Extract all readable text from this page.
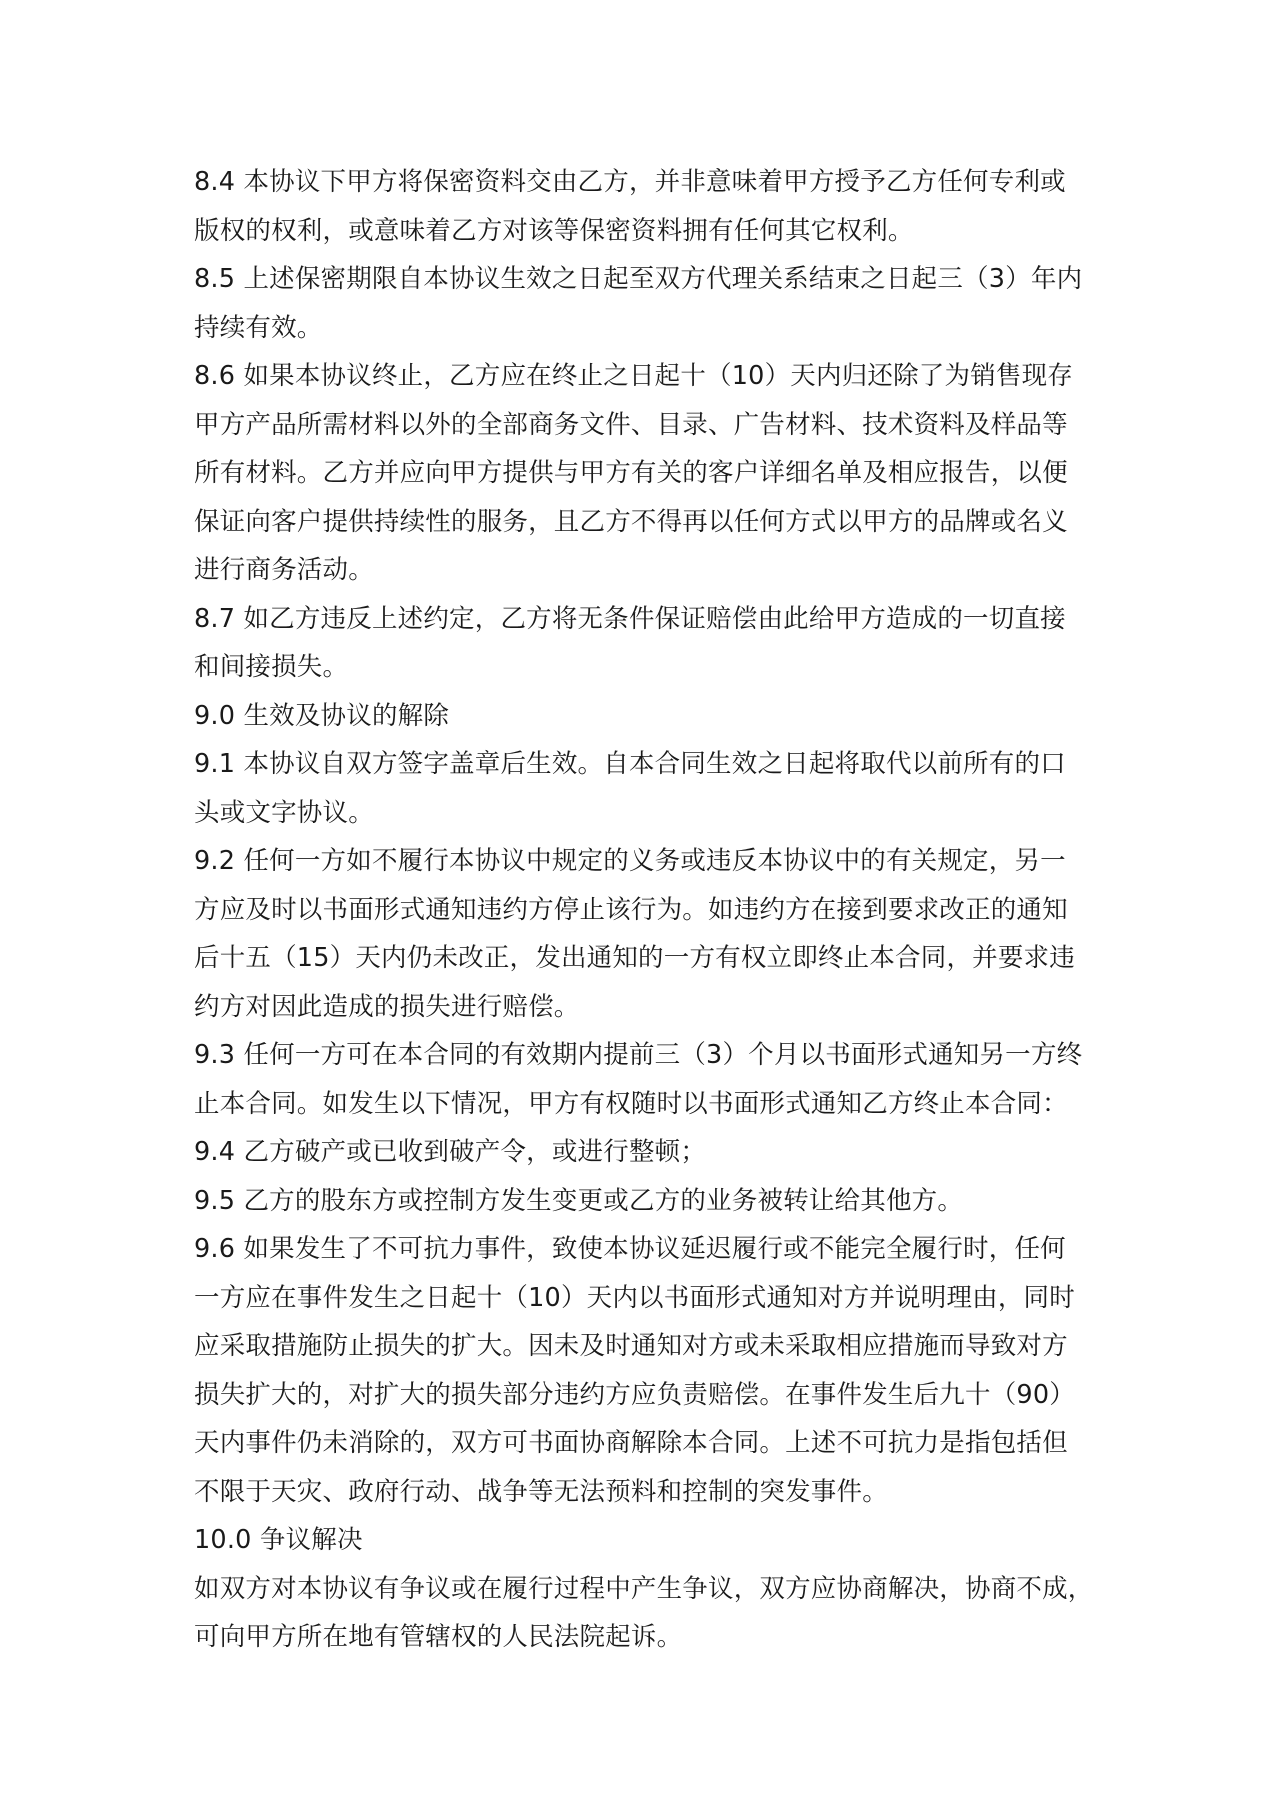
8.4 本协议下甲方将保密资料交由乙方，并非意味着甲方授予乙方任何专利或
版权的权利，或意味着乙方对该等保密资料拥有任何其它权利。
8.5 上述保密期限自本协议生效之日起至双方代理关系结束之日起三（3）年内
持续有效。
8.6 如果本协议终止，乙方应在终止之日起十（10）天内归还除了为销售现存
甲方产品所需材料以外的全部商务文件、目录、广告材料、技术资料及样品等
所有材料。乙方并应向甲方提供与甲方有关的客户详细名单及相应报告，以便
保证向客户提供持续性的服务，且乙方不得再以任何方式以甲方的品牌或名义
进行商务活动。
8.7 如乙方违反上述约定，乙方将无条件保证赔偿由此给甲方造成的一切直接
和间接损失。
9.0 生效及协议的解除
9.1 本协议自双方签字盖章后生效。自本合同生效之日起将取代以前所有的口
头或文字协议。
9.2 任何一方如不履行本协议中规定的义务或违反本协议中的有关规定，另一
方应及时以书面形式通知违约方停止该行为。如违约方在接到要求改正的通知
后十五（15）天内仍未改正，发出通知的一方有权立即终止本合同，并要求违
约方对因此造成的损失进行赔偿。
9.3 任何一方可在本合同的有效期内提前三（3）个月以书面形式通知另一方终
止本合同。如发生以下情况，甲方有权随时以书面形式通知乙方终止本合同：
9.4 乙方破产或已收到破产令，或进行整顿；
9.5 乙方的股东方或控制方发生变更或乙方的业务被转让给其他方。
9.6 如果发生了不可抗力事件，致使本协议延迟履行或不能完全履行时，任何
一方应在事件发生之日起十（10）天内以书面形式通知对方并说明理由，同时
应采取措施防止损失的扩大。因未及时通知对方或未采取相应措施而导致对方
损失扩大的，对扩大的损失部分违约方应负责赔偿。在事件发生后九十（90）
天内事件仍未消除的，双方可书面协商解除本合同。上述不可抗力是指包括但
不限于天灾、政府行动、战争等无法预料和控制的突发事件。
10.0 争议解决
如双方对本协议有争议或在履行过程中产生争议，双方应协商解决，协商不成，
可向甲方所在地有管辖权的人民法院起诉。
